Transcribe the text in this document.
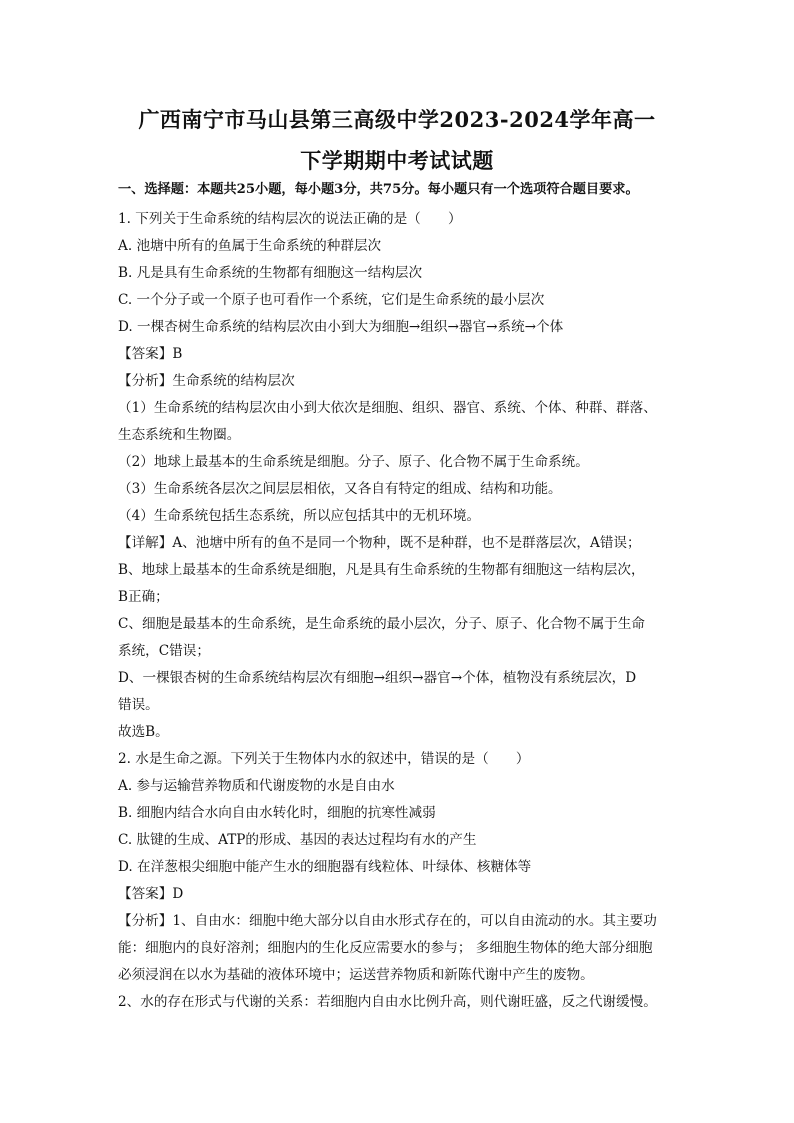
广西南宁市马山县第三高级中学2023-2024学年高一
下学期期中考试试题
一、选择题：本题共25小题，每小题3分，共75分。每小题只有一个选项符合题目要求。
1. 下列关于生命系统的结构层次的说法正确的是（　　）
A. 池塘中所有的鱼属于生命系统的种群层次
B. 凡是具有生命系统的生物都有细胞这一结构层次
C. 一个分子或一个原子也可看作一个系统，它们是生命系统的最小层次
D. 一棵杏树生命系统的结构层次由小到大为细胞→组织→器官→系统→个体
【答案】B
【分析】生命系统的结构层次
（1）生命系统的结构层次由小到大依次是细胞、组织、器官、系统、个体、种群、群落、
生态系统和生物圈。
（2）地球上最基本的生命系统是细胞。分子、原子、化合物不属于生命系统。
（3）生命系统各层次之间层层相依，又各自有特定的组成、结构和功能。
（4）生命系统包括生态系统，所以应包括其中的无机环境。
【详解】A、池塘中所有的鱼不是同一个物种，既不是种群，也不是群落层次，A错误；
B、地球上最基本的生命系统是细胞，凡是具有生命系统的生物都有细胞这一结构层次，
B正确；
C、细胞是最基本的生命系统，是生命系统的最小层次，分子、原子、化合物不属于生命
系统，C错误；
D、一棵银杏树的生命系统结构层次有细胞→组织→器官→个体，植物没有系统层次，D
错误。
故选B。
2. 水是生命之源。下列关于生物体内水的叙述中，错误的是（　　）
A. 参与运输营养物质和代谢废物的水是自由水
B. 细胞内结合水向自由水转化时，细胞的抗寒性减弱
C. 肽键的生成、ATP的形成、基因的表达过程均有水的产生
D. 在洋葱根尖细胞中能产生水的细胞器有线粒体、叶绿体、核糖体等
【答案】D
【分析】1、自由水：细胞中绝大部分以自由水形式存在的，可以自由流动的水。其主要功
能：细胞内的良好溶剂；细胞内的生化反应需要水的参与； 多细胞生物体的绝大部分细胞
必须浸润在以水为基础的液体环境中；运送营养物质和新陈代谢中产生的废物。
2、水的存在形式与代谢的关系：若细胞内自由水比例升高，则代谢旺盛，反之代谢缓慢。
